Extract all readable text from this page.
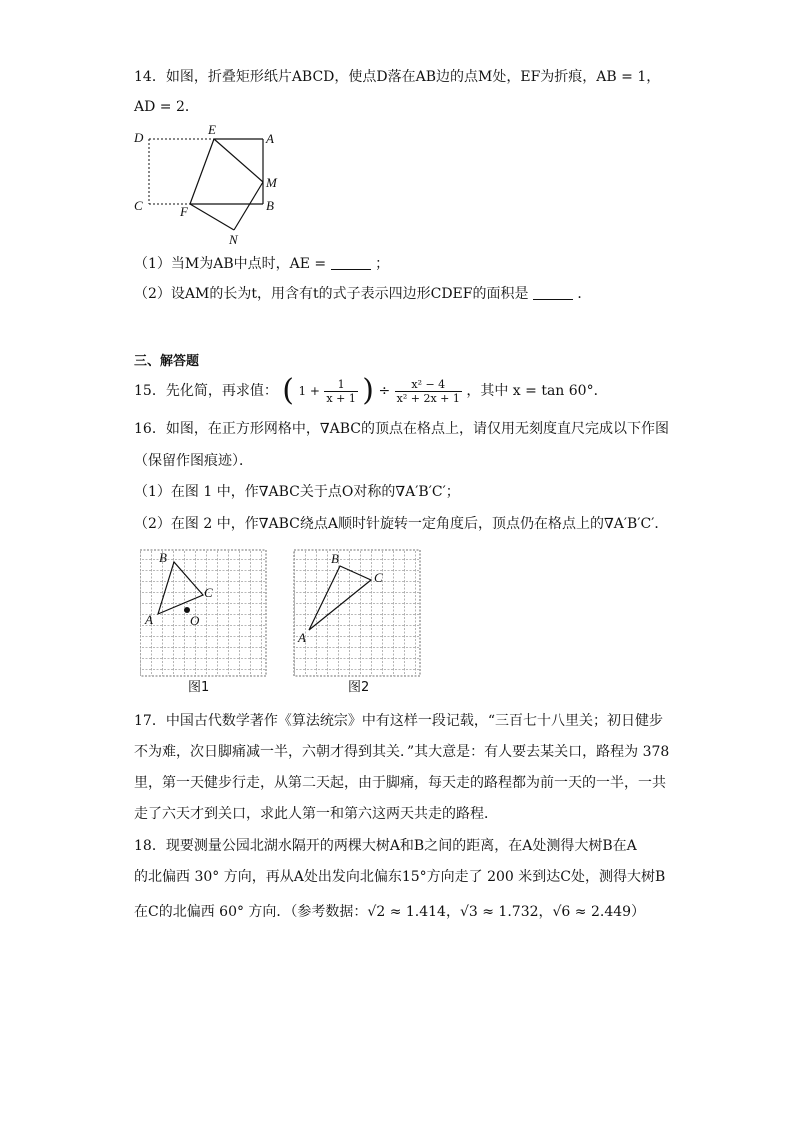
14．如图，折叠矩形纸片ABCD，使点D落在AB边的点M处，EF为折痕，AB = 1，
AD = 2．
D
E
A
M
C	F	B
N
（1）当M为AB中点时，AE =	；
（2）设AM的长为t，用含有t的式子表示四边形CDEF的面积是	．
三、解答题
15．先化简，再求值： ( $1 + \frac{1}{x + 1}$ ) ÷ $\frac{\text{x² − 4}}{\text{x² + 2x + 1}}$ ，其中 x = tan 60°．
16．如图，在正方形网格中，∇ABC的顶点在格点上，请仅用无刻度直尺完成以下作图
（保留作图痕迹）．
（1）在图 1 中，作∇ABC关于点O对称的∇A′B′C′；
（2）在图 2 中，作∇ABC绕点A顺时针旋转一定角度后，顶点仍在格点上的∇A′B′C′．
B
C
A	O
图1
B
C
A
图2
17．中国古代数学著作《算法统宗》中有这样一段记载，“三百七十八里关；初日健步
不为难，次日脚痛减一半，六朝才得到其关．”其大意是：有人要去某关口，路程为 378
里，第一天健步行走，从第二天起，由于脚痛，每天走的路程都为前一天的一半，一共
走了六天才到关口，求此人第一和第六这两天共走的路程．
18．现要测量公园北湖水隔开的两棵大树A和B之间的距离，在A处测得大树B在A
的北偏西 30° 方向，再从A处出发向北偏东15°方向走了 200 米到达C处，测得大树B
在C的北偏西 60° 方向．（参考数据：√2 ≈ 1.414，√3 ≈ 1.732，√6 ≈ 2.449）
